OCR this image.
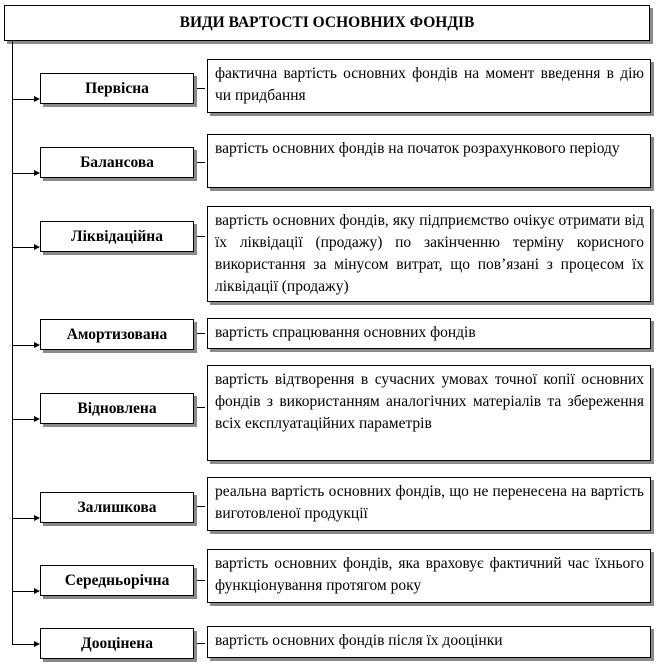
ВИДИ ВАРТОСТІ ОСНОВНИХ ФОНДІВ
Первісна
фактична вартість основних фондів на момент введення в дію чи придбання
Балансова
вартість основних фондів на початок розрахункового періоду
Ліквідаційна
вартість основних фондів, яку підприємство очікує отримати від їх ліквідації (продажу) по закінченню терміну корисного використання за мінусом витрат, що пов’язані з процесом їх ліквідації (продажу)
Амортизована	вартість спрацювання основних фондів
Відновлена
вартість відтворення в сучасних умовах точної копії основних фондів з використанням аналогічних матеріалів та збереження всіх експлуатаційних параметрів
Залишкова
реальна вартість основних фондів, що не перенесена на вартість виготовленої продукції
Середньорічна
вартість основних фондів, яка враховує фактичний час їхнього функціонування протягом року
Дооцінена	вартість основних фондів після їх дооцінки
